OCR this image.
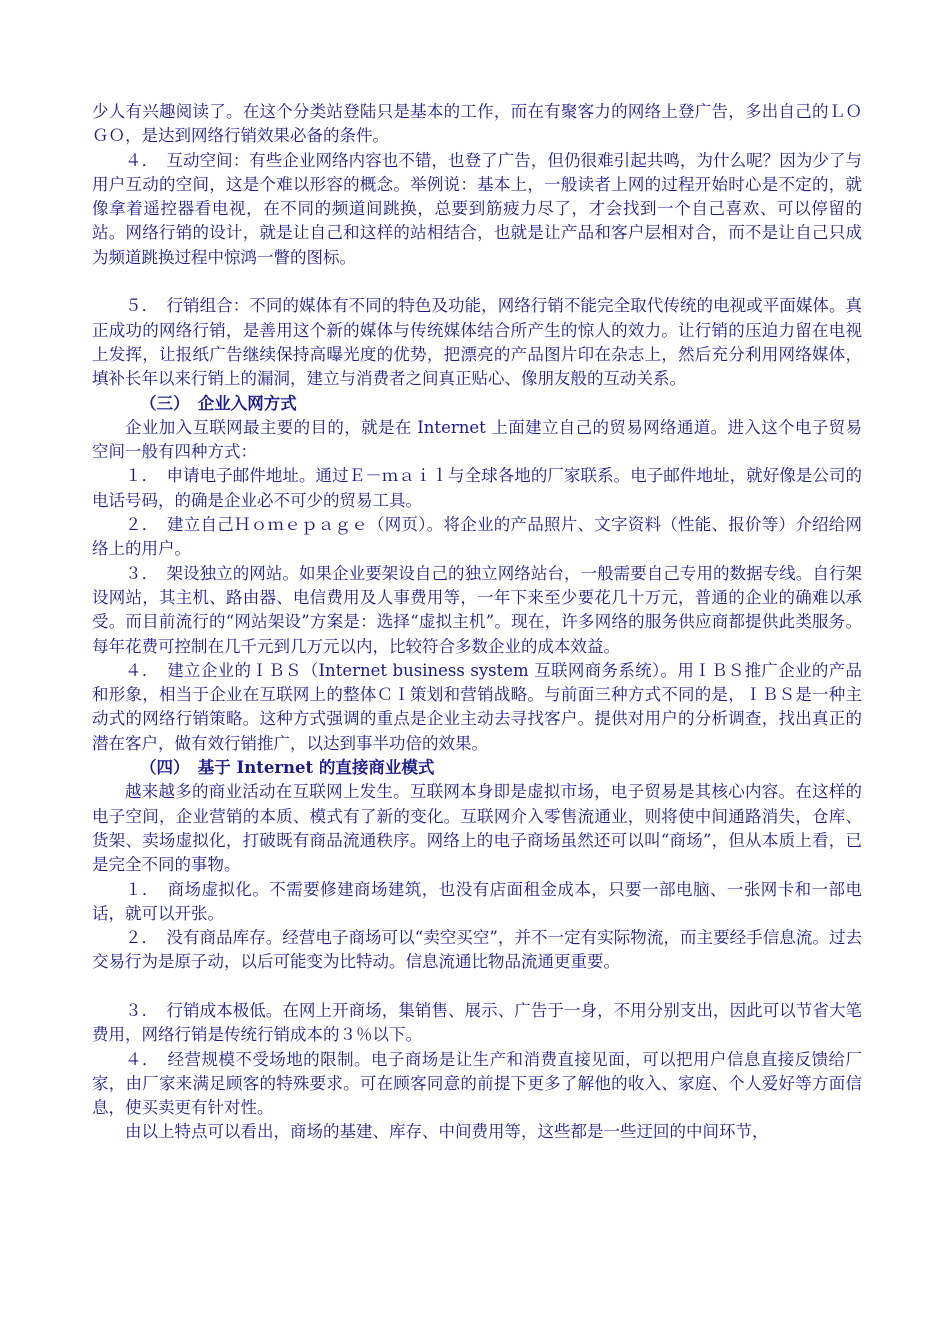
少人有兴趣阅读了。在这个分类站登陆只是基本的工作，而在有聚客力的网络上登广告，多出自己的ＬＯＧＯ，是达到网络行销效果必备的条件。

４．　互动空间：有些企业网络内容也不错，也登了广告，但仍很难引起共鸣，为什么呢？因为少了与用户互动的空间，这是个难以形容的概念。举例说：基本上，一般读者上网的过程开始时心是不定的，就像拿着遥控器看电视，在不同的频道间跳换，总要到筋疲力尽了，才会找到一个自己喜欢、可以停留的站。网络行销的设计，就是让自己和这样的站相结合，也就是让产品和客户层相对合，而不是让自己只成为频道跳换过程中惊鸿一瞥的图标。

５．　行销组合：不同的媒体有不同的特色及功能，网络行销不能完全取代传统的电视或平面媒体。真正成功的网络行销，是善用这个新的媒体与传统媒体结合所产生的惊人的效力。让行销的压迫力留在电视上发挥，让报纸广告继续保持高曝光度的优势，把漂亮的产品图片印在杂志上，然后充分利用网络媒体，填补长年以来行销上的漏洞，建立与消费者之间真正贴心、像朋友般的互动关系。

（三）　企业入网方式

企业加入互联网最主要的目的，就是在 Internet 上面建立自己的贸易网络通道。进入这个电子贸易空间一般有四种方式：

１．　申请电子邮件地址。通过Ｅ－ｍａｉｌ与全球各地的厂家联系。电子邮件地址，就好像是公司的电话号码，的确是企业必不可少的贸易工具。

２．　建立自己Ｈｏｍｅｐａｇｅ（网页）。将企业的产品照片、文字资料（性能、报价等）介绍给网络上的用户。

３．　架设独立的网站。如果企业要架设自己的独立网络站台，一般需要自己专用的数据专线。自行架设网站，其主机、路由器、电信费用及人事费用等，一年下来至少要花几十万元，普通的企业的确难以承受。而目前流行的“网站架设”方案是：选择“虚拟主机”。现在，许多网络的服务供应商都提供此类服务。每年花费可控制在几千元到几万元以内，比较符合多数企业的成本效益。

４．　建立企业的ＩＢＳ（Internet business system 互联网商务系统）。用ＩＢＳ推广企业的产品和形象，相当于企业在互联网上的整体ＣＩ策划和营销战略。与前面三种方式不同的是，ＩＢＳ是一种主动式的网络行销策略。这种方式强调的重点是企业主动去寻找客户。提供对用户的分析调查，找出真正的潜在客户，做有效行销推广，以达到事半功倍的效果。

（四）　基于 Internet 的直接商业模式

越来越多的商业活动在互联网上发生。互联网本身即是虚拟市场，电子贸易是其核心内容。在这样的电子空间，企业营销的本质、模式有了新的变化。互联网介入零售流通业，则将使中间通路消失，仓库、货架、卖场虚拟化，打破既有商品流通秩序。网络上的电子商场虽然还可以叫“商场”，但从本质上看，已是完全不同的事物。

１．　商场虚拟化。不需要修建商场建筑，也没有店面租金成本，只要一部电脑、一张网卡和一部电话，就可以开张。

２．　没有商品库存。经营电子商场可以“卖空买空”，并不一定有实际物流，而主要经手信息流。过去交易行为是原子动，以后可能变为比特动。信息流通比物品流通更重要。

３．　行销成本极低。在网上开商场，集销售、展示、广告于一身，不用分别支出，因此可以节省大笔费用，网络行销是传统行销成本的３％以下。

４．　经营规模不受场地的限制。电子商场是让生产和消费直接见面，可以把用户信息直接反馈给厂家，由厂家来满足顾客的特殊要求。可在顾客同意的前提下更多了解他的收入、家庭、个人爱好等方面信息，使买卖更有针对性。

由以上特点可以看出，商场的基建、库存、中间费用等，这些都是一些迂回的中间环节，
